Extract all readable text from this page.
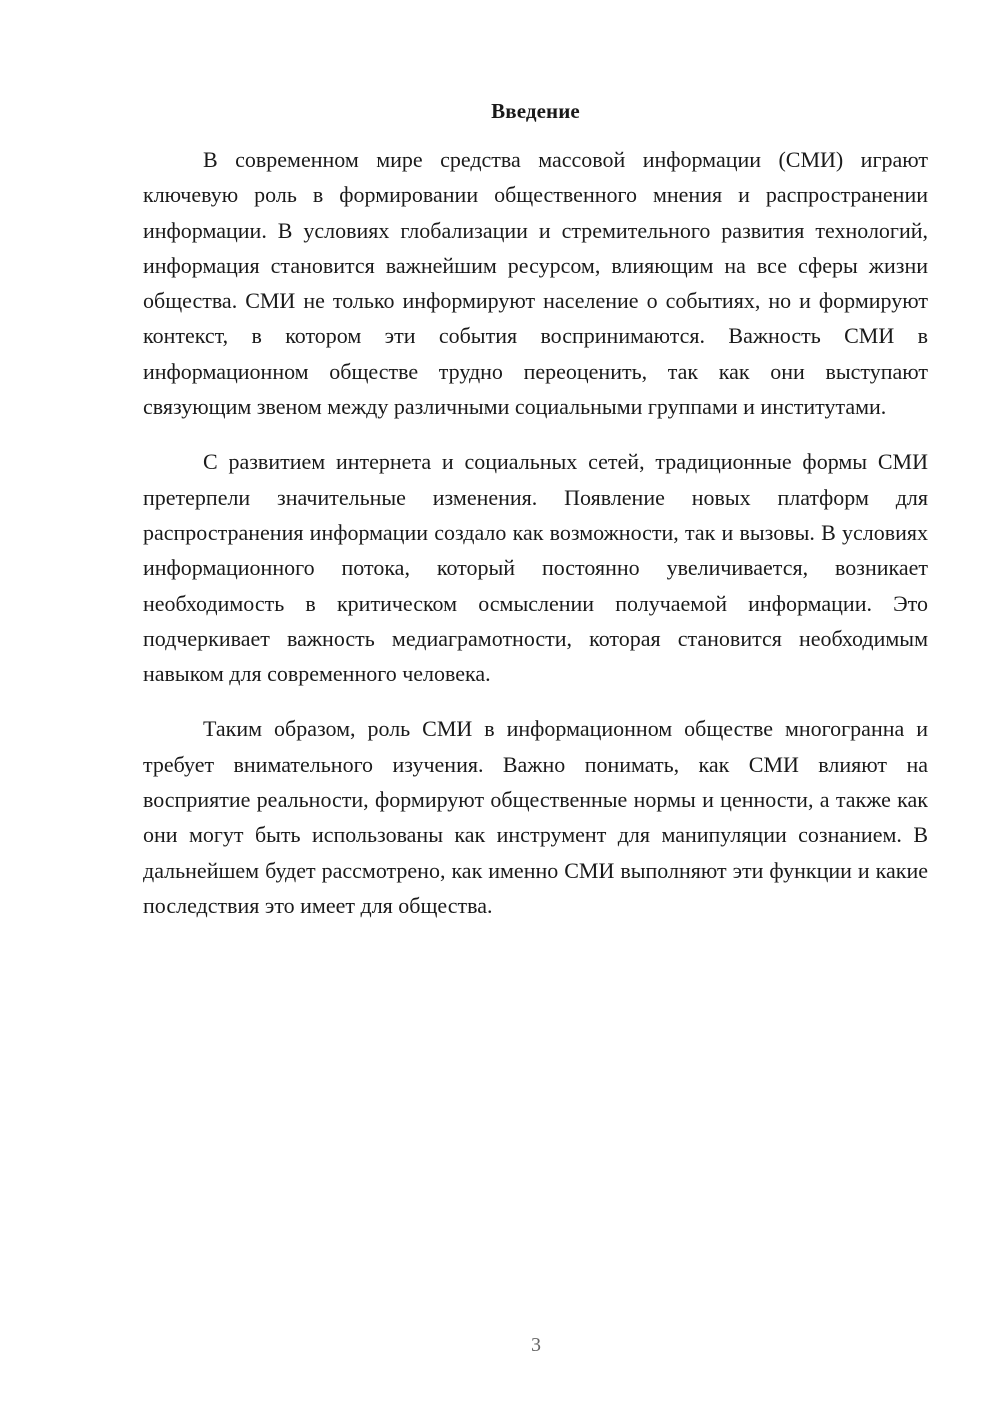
Введение

В современном мире средства массовой информации (СМИ) играют ключевую роль в формировании общественного мнения и распространении информации. В условиях глобализации и стремительного развития технологий, информация становится важнейшим ресурсом, влияющим на все сферы жизни общества. СМИ не только информируют население о событиях, но и формируют контекст, в котором эти события воспринимаются. Важность СМИ в информационном обществе трудно переоценить, так как они выступают связующим звеном между различными социальными группами и институтами.

С развитием интернета и социальных сетей, традиционные формы СМИ претерпели значительные изменения. Появление новых платформ для распространения информации создало как возможности, так и вызовы. В условиях информационного потока, который постоянно увеличивается, возникает необходимость в критическом осмыслении получаемой информации. Это подчеркивает важность медиаграмотности, которая становится необходимым навыком для современного человека.

Таким образом, роль СМИ в информационном обществе многогранна и требует внимательного изучения. Важно понимать, как СМИ влияют на восприятие реальности, формируют общественные нормы и ценности, а также как они могут быть использованы как инструмент для манипуляции сознанием. В дальнейшем будет рассмотрено, как именно СМИ выполняют эти функции и какие последствия это имеет для общества.

3
